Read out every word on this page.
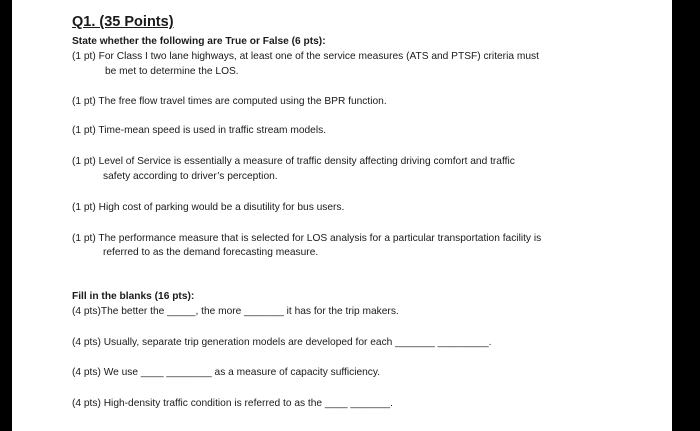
Q1. (35 Points)
State whether the following are True or False (6 pts):
(1 pt) For Class I two lane highways, at least one of the service measures (ATS and PTSF) criteria must
be met to determine the LOS.
(1 pt) The free flow travel times are computed using the BPR function.
(1 pt) Time-mean speed is used in traffic stream models.
(1 pt) Level of Service is essentially a measure of traffic density affecting driving comfort and traffic
safety according to driver’s perception.
(1 pt) High cost of parking would be a disutility for bus users.
(1 pt) The performance measure that is selected for LOS analysis for a particular transportation facility is
referred to as the demand forecasting measure.
Fill in the blanks (16 pts):
(4 pts)The better the _____, the more _______ it has for the trip makers.
(4 pts) Usually, separate trip generation models are developed for each _______ _________.
(4 pts) We use ____ ________ as a measure of capacity sufficiency.
(4 pts) High-density traffic condition is referred to as the ____ _______.
